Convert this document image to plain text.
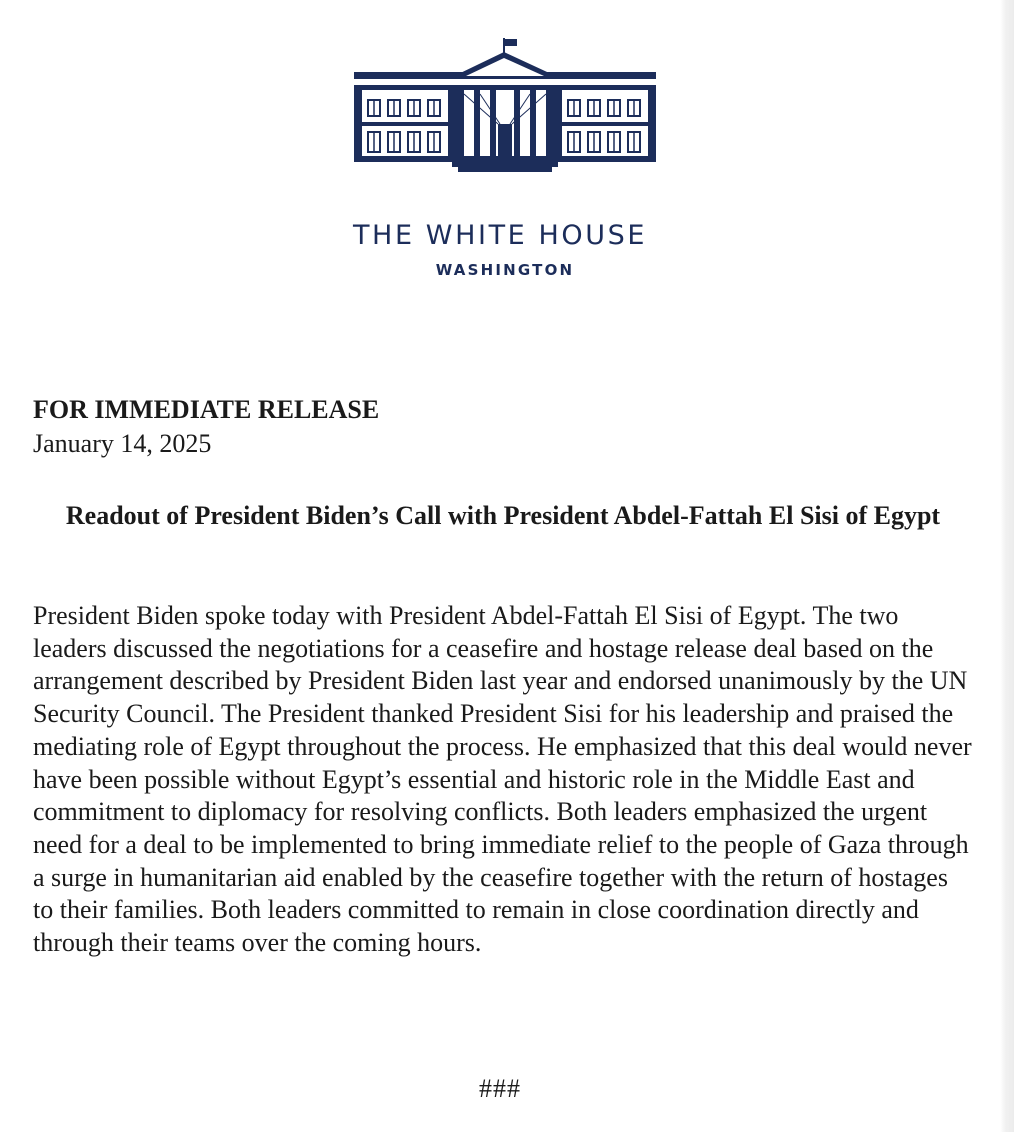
THE WHITE HOUSE
WASHINGTON
FOR IMMEDIATE RELEASE
January 14, 2025
Readout of President Biden’s Call with President Abdel-Fattah El Sisi of Egypt
President Biden spoke today with President Abdel-Fattah El Sisi of Egypt. The two leaders discussed the negotiations for a ceasefire and hostage release deal based on the arrangement described by President Biden last year and endorsed unanimously by the UN Security Council. The President thanked President Sisi for his leadership and praised the mediating role of Egypt throughout the process. He emphasized that this deal would never have been possible without Egypt’s essential and historic role in the Middle East and commitment to diplomacy for resolving conflicts. Both leaders emphasized the urgent need for a deal to be implemented to bring immediate relief to the people of Gaza through a surge in humanitarian aid enabled by the ceasefire together with the return of hostages to their families. Both leaders committed to remain in close coordination directly and through their teams over the coming hours.
###
